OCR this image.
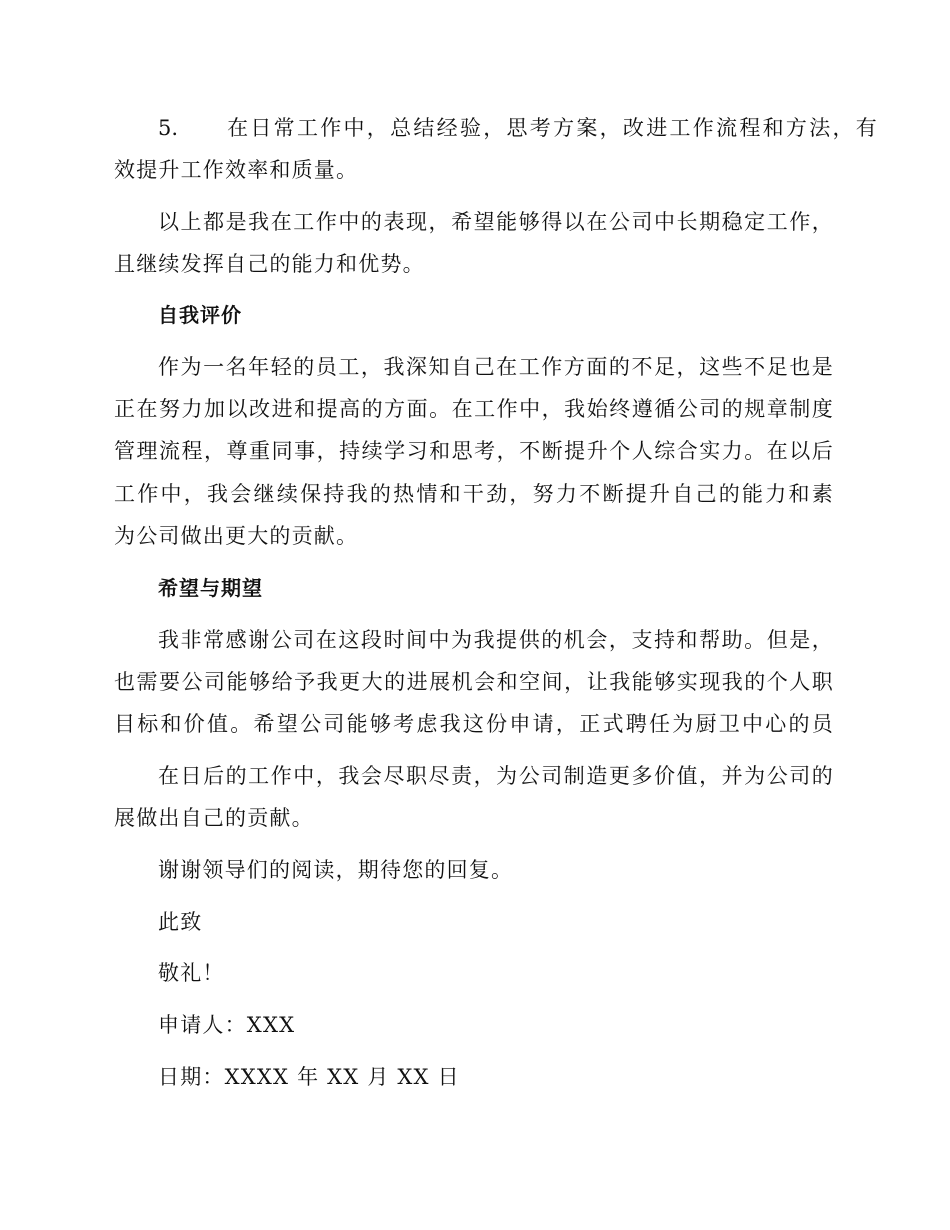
5. 在日常工作中，总结经验，思考方案，改进工作流程和方法，有
效提升工作效率和质量。
以上都是我在工作中的表现，希望能够得以在公司中长期稳定工作，
且继续发挥自己的能力和优势。
自我评价
作为一名年轻的员工，我深知自己在工作方面的不足，这些不足也是
正在努力加以改进和提高的方面。在工作中，我始终遵循公司的规章制度
管理流程，尊重同事，持续学习和思考，不断提升个人综合实力。在以后
工作中，我会继续保持我的热情和干劲，努力不断提升自己的能力和素
为公司做出更大的贡献。
希望与期望
我非常感谢公司在这段时间中为我提供的机会，支持和帮助。但是，
也需要公司能够给予我更大的进展机会和空间，让我能够实现我的个人职
目标和价值。希望公司能够考虑我这份申请，正式聘任为厨卫中心的员
在日后的工作中，我会尽职尽责，为公司制造更多价值，并为公司的
展做出自己的贡献。
谢谢领导们的阅读，期待您的回复。
此致
敬礼！
申请人：XXX
日期：XXXX 年 XX 月 XX 日
